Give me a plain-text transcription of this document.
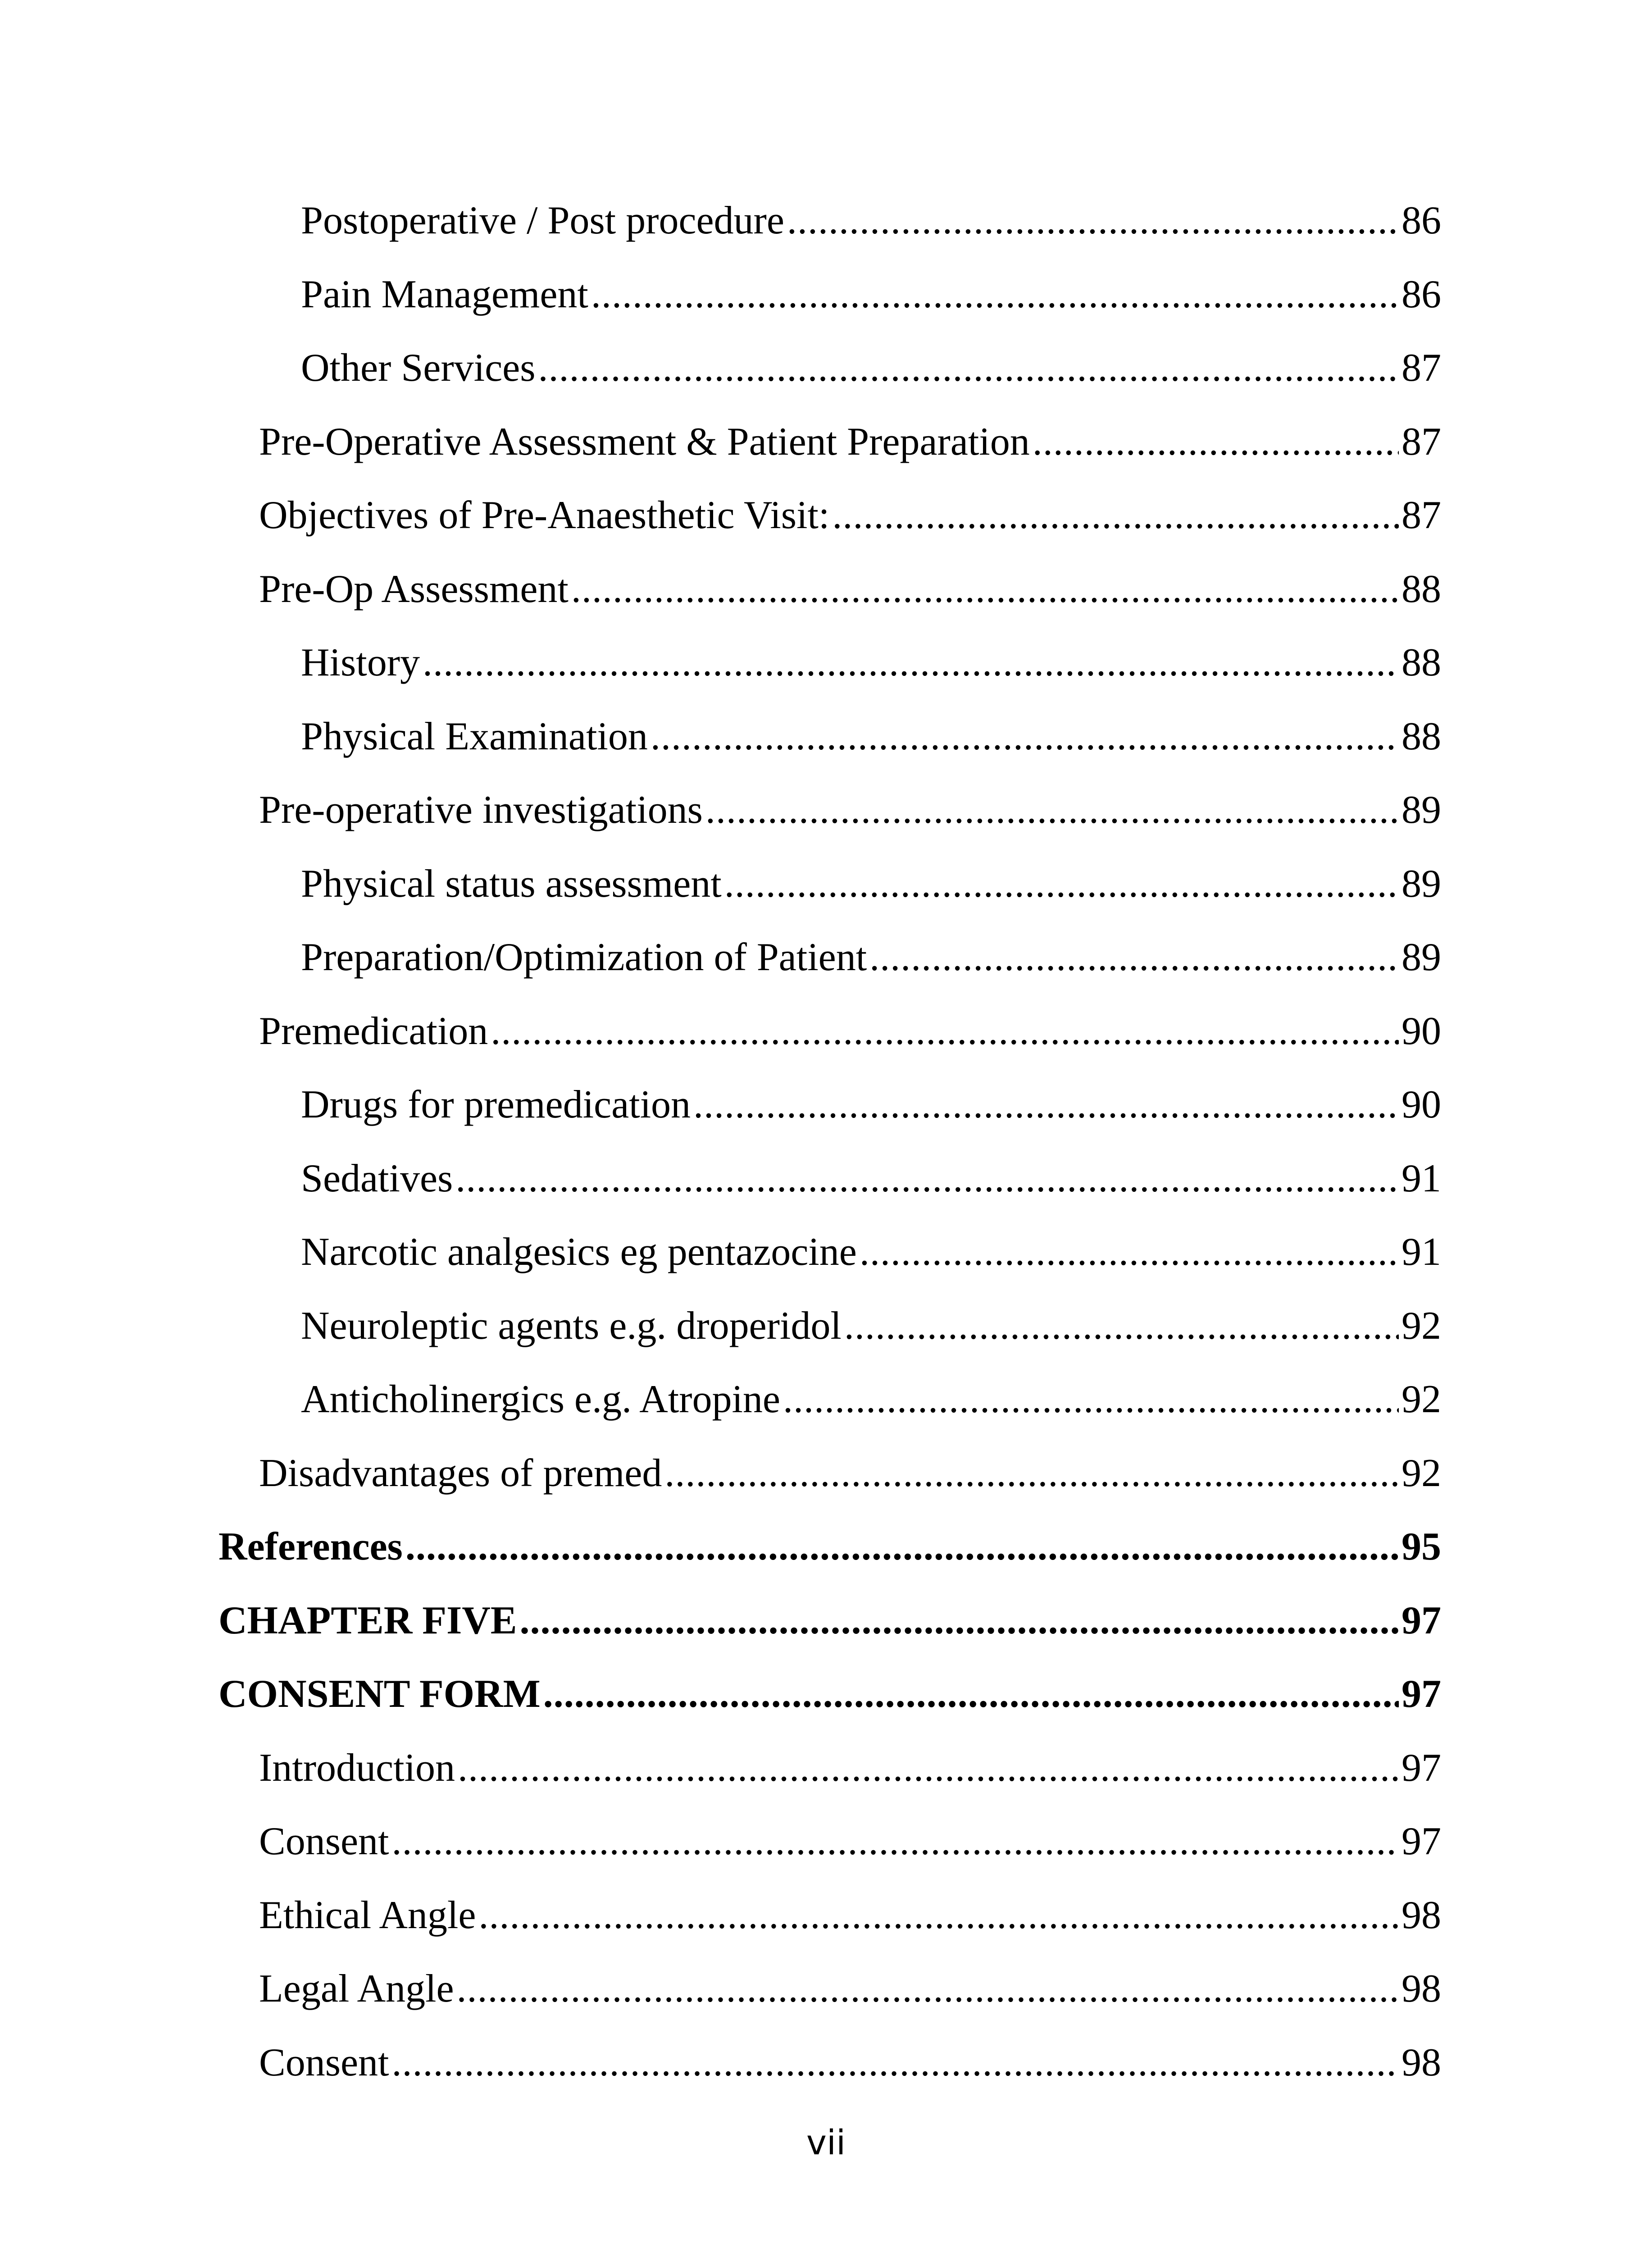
Postoperative / Post procedure .....	86
Pain Management .....	86
Other Services .....	87
Pre-Operative Assessment & Patient Preparation .....	87
Objectives of Pre-Anaesthetic Visit: .....	87
Pre-Op Assessment .....	88
History .....	88
Physical Examination .....	88
Pre-operative investigations .....	89
Physical status assessment .....	89
Preparation/Optimization of Patient .....	89
Premedication .....	90
Drugs for premedication .....	90
Sedatives .....	91
Narcotic analgesics eg pentazocine .....	91
Neuroleptic agents e.g. droperidol .....	92
Anticholinergics e.g. Atropine .....	92
Disadvantages of premed .....	92
References .....	95
CHAPTER FIVE .....	97
CONSENT FORM .....	97
Introduction .....	97
Consent .....	97
Ethical Angle .....	98
Legal Angle .....	98
Consent .....	98
vii
